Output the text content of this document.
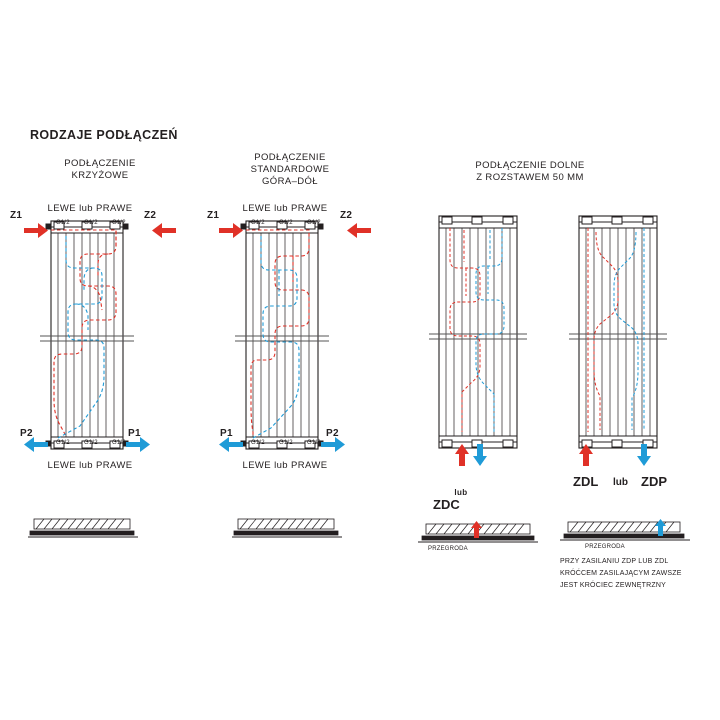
RODZAJE PODŁĄCZEŃ
PODŁĄCZENIE
KRZYŻOWE
PODŁĄCZENIE
STANDARDOWE
GÓRA–DÓŁ
PODŁĄCZENIE DOLNE
Z ROZSTAWEM 50 MM
Z1	Z2
P2	P1
LEWE lub PRAWE
LEWE lub PRAWE
Z1	Z2
P1	P2
LEWE lub PRAWE
LEWE lub PRAWE
lub
ZDC
PRZEGRODA
ZDL lub ZDP
PRZEGRODA
PRZY ZASILANIU ZDP LUB ZDL
KRÓĆCEM ZASILAJĄCYM ZAWSZE
JEST KRÓCIEC ZEWNĘTRZNY
G1/2 G1/2 G1/2
G1/2 G1/2 G1/2
G1/2 G1/2 G1/2
G1/2 G1/2 G1/2
